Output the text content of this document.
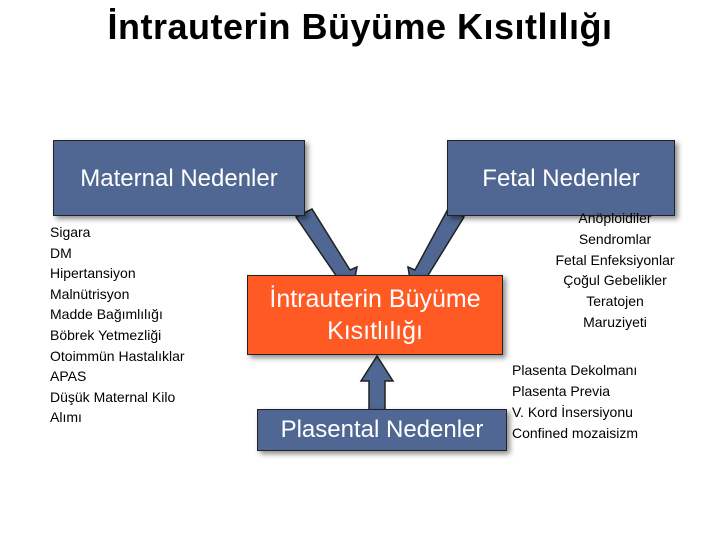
İntrauterin Büyüme Kısıtlılığı
Maternal Nedenler	Fetal Nedenler
İntrauterin Büyüme
Kısıtlılığı
Plasental Nedenler
Sigara
DM
Hipertansiyon
Malnütrisyon
Madde Bağımlılığı
Böbrek Yetmezliği
Otoimmün Hastalıklar
APAS
Düşük Maternal Kilo
Alımı
Anöploidiler
Sendromlar
Fetal Enfeksiyonlar
Çoğul Gebelikler
Teratojen
Maruziyeti
Plasenta Dekolmanı
Plasenta Previa
V. Kord İnsersiyonu
Confined mozaisizm
